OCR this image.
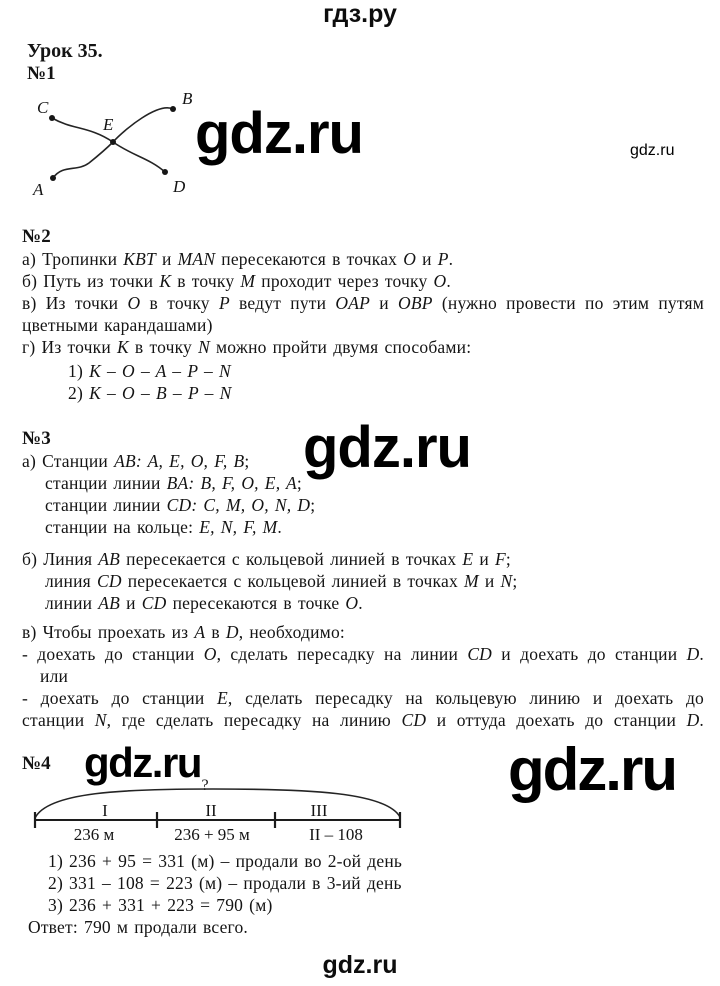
гдз.ру
Урок 35.
№1
C	B
E
A	D
gdz.ru	gdz.ru
№2
а) Тропинки KBT и MAN пересекаются в точках O и P.
б) Путь из точки K в точку M проходит через точку O.
в) Из точки O в точку P ведут пути OAP и OBP (нужно провести по этим путям
цветными карандашами)
г) Из точки K в точку N можно пройти двумя способами:
1) K – O – A – P – N
2) K – O – B – P – N
№3
а) Станции AB: A, E, O, F, B;
станции линии BA: B, F, O, E, A;
станции линии CD: C, M, O, N, D;
станции на кольце: E, N, F, M.
б) Линия AB пересекается с кольцевой линией в точках E и F;
линия CD пересекается с кольцевой линией в точках M и N;
линии AB и CD пересекаются в точке O.
в) Чтобы проехать из A в D, необходимо:
- доехать до станции O, сделать пересадку на линии CD и доехать до станции D.
или
- доехать до станции E, сделать пересадку на кольцевую линию и доехать до
станции N, где сделать пересадку на линию CD и оттуда доехать до станции D.
gdz.ru
№4 gdz.ru	gdz.ru
?
I	II	III
236 м	236 + 95 м	II – 108
1) 236 + 95 = 331 (м) – продали во 2-ой день
2) 331 – 108 = 223 (м) – продали в 3-ий день
3) 236 + 331 + 223 = 790 (м)
Ответ: 790 м продали всего.
gdz.ru
